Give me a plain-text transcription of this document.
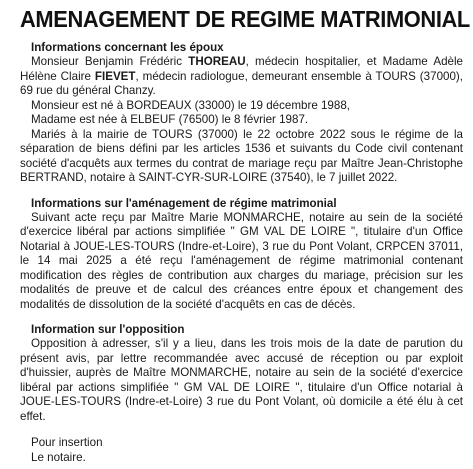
AMENAGEMENT DE REGIME MATRIMONIAL

Informations concernant les époux

Monsieur Benjamin Frédéric THOREAU, médecin hospitalier, et Madame Adèle Hélène Claire FIEVET, médecin radiologue, demeurant ensemble à TOURS (37000), 69 rue du général Chanzy.

Monsieur est né à BORDEAUX (33000) le 19 décembre 1988,

Madame est née à ELBEUF (76500) le 8 février 1987.

Mariés à la mairie de TOURS (37000) le 22 octobre 2022 sous le régime de la séparation de biens défini par les articles 1536 et suivants du Code civil contenant société d'acquêts aux termes du contrat de mariage reçu par Maître Jean-Christophe BERTRAND, notaire à SAINT-CYR-SUR-LOIRE (37540), le 7 juillet 2022.

Informations sur l'aménagement de régime matrimonial

Suivant acte reçu par Maître Marie MONMARCHE, notaire au sein de la société d'exercice libéral par actions simplifiée " GM VAL DE LOIRE ", titulaire d'un Office Notarial à JOUE-LES-TOURS (Indre-et-Loire), 3 rue du Pont Volant, CRPCEN 37011, le 14 mai 2025 a été reçu l'aménagement de régime matrimonial contenant modification des règles de contribution aux charges du mariage, précision sur les modalités de preuve et de calcul des créances entre époux et changement des modalités de dissolution de la société d'acquêts en cas de décès.

Information sur l'opposition

Opposition à adresser, s'il y a lieu, dans les trois mois de la date de parution du présent avis, par lettre recommandée avec accusé de réception ou par exploit d'huissier, auprès de Maître MONMARCHE, notaire au sein de la société d'exercice libéral par actions simplifiée " GM VAL DE LOIRE ", titulaire d'un Office notarial à JOUE-LES-TOURS (Indre-et-Loire) 3 rue du Pont Volant, où domicile a été élu à cet effet.

Pour insertion
Le notaire.
